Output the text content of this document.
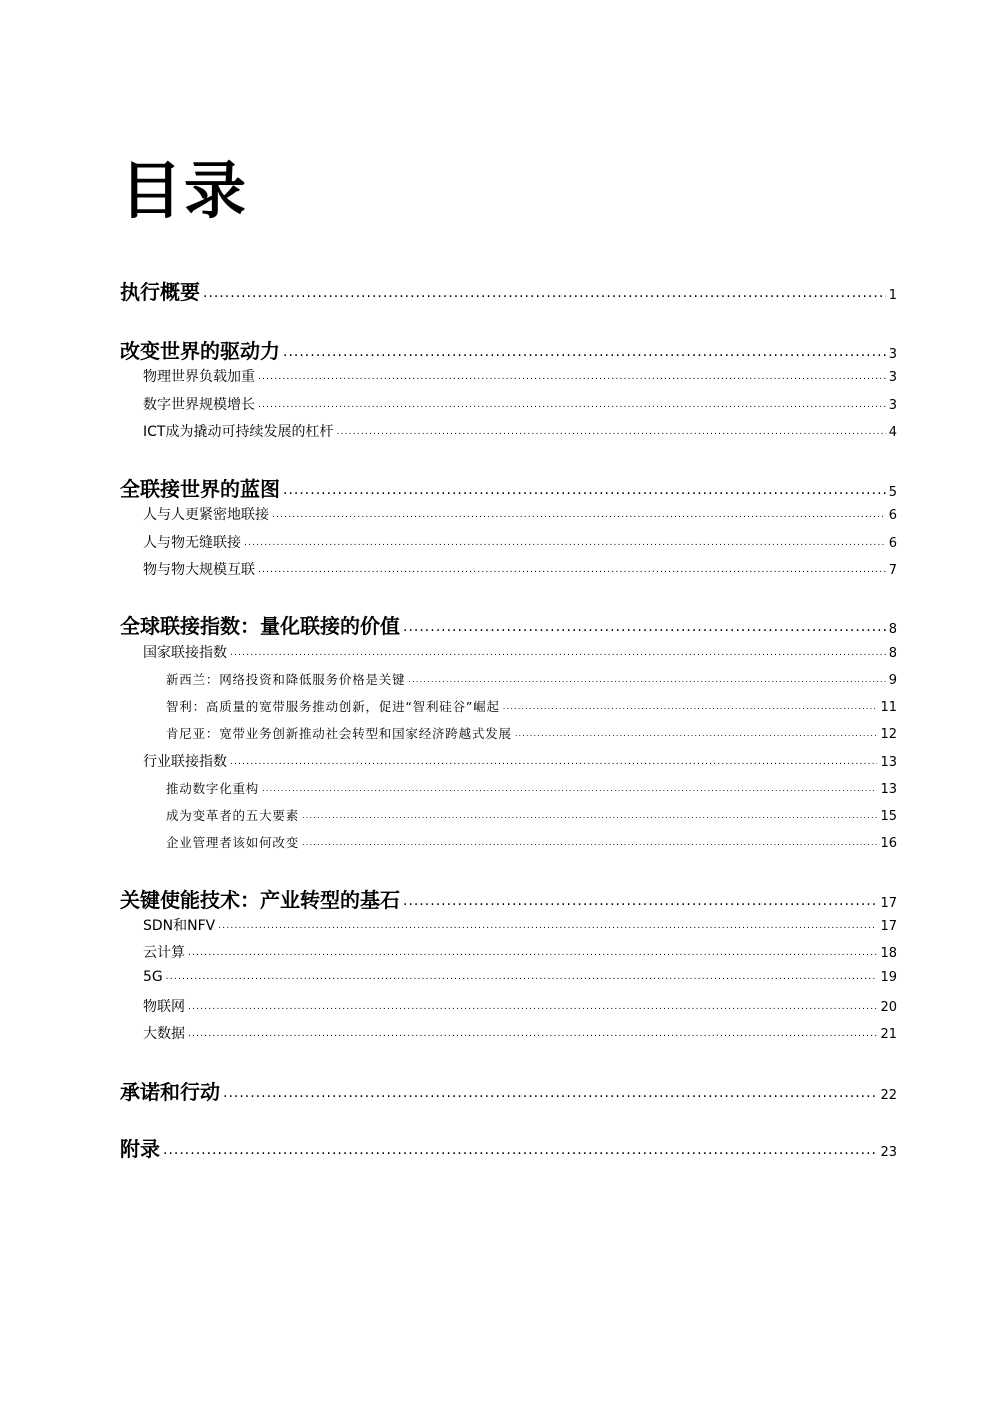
目录
执行概要 .....	1
改变世界的驱动力 .....	3
物理世界负载加重 .....	3
数字世界规模增长 .....	3
ICT成为撬动可持续发展的杠杆 .....	4
全联接世界的蓝图 .....	5
人与人更紧密地联接 .....	6
人与物无缝联接 .....	6
物与物大规模互联 .....	7
全球联接指数：量化联接的价值 .....	8
国家联接指数 .....	8
新西兰：网络投资和降低服务价格是关键 .....	9
智利：高质量的宽带服务推动创新，促进“智利硅谷”崛起 .....	11
肯尼亚：宽带业务创新推动社会转型和国家经济跨越式发展 .....	12
行业联接指数 .....	13
推动数字化重构 .....	13
成为变革者的五大要素 .....	15
企业管理者该如何改变 .....	16
关键使能技术：产业转型的基石 .....	17
SDN和NFV .....	17
云计算 .....	18
5G .....	19
物联网 .....	20
大数据 .....	21
承诺和行动 .....	22
附录 .....	23
